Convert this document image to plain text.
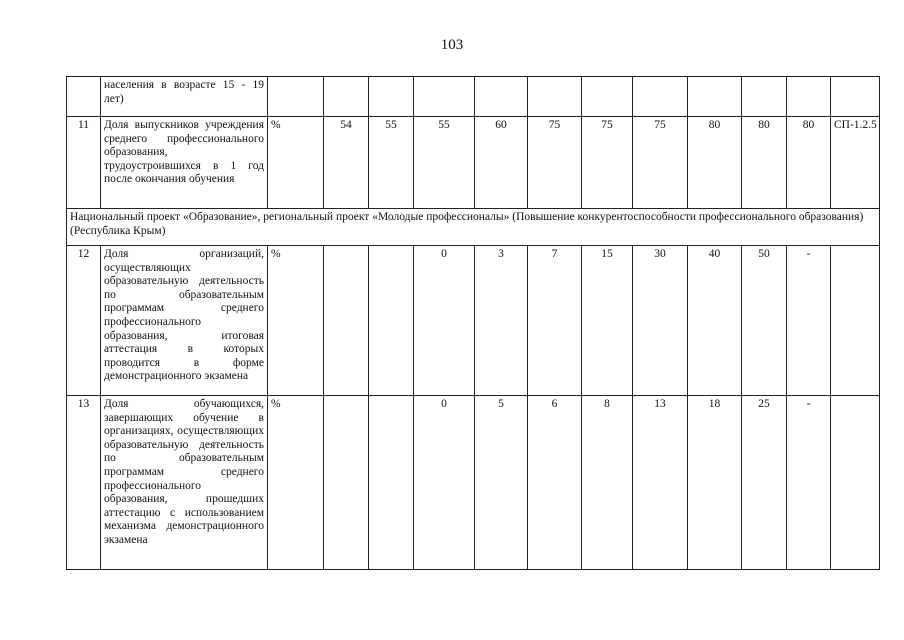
103
	населения в возрасте 15 - 19 лет)												
11	Доля выпускников учреждения среднего профессионального образования, трудоустроившихся в 1 год после окончания обучения	%	54	55	55	60	75	75	75	80	80	80	СП-1.2.5
Национальный проект «Образование», региональный проект «Молодые профессионалы» (Повышение конкурентоспособности профессионального образования) (Республика Крым)													
12	Доля организаций, осуществляющих образовательную деятельность по образовательным программам среднего профессионального образования, итоговая аттестация в которых проводится в форме демонстрационного экзамена	%			0	3	7	15	30	40	50	-	
13	Доля обучающихся, завершающих обучение в организациях, осуществляющих образовательную деятельность по образовательным программам среднего профессионального образования, прошедших аттестацию с использованием механизма демонстрационного экзамена	%			0	5	6	8	13	18	25	-	
